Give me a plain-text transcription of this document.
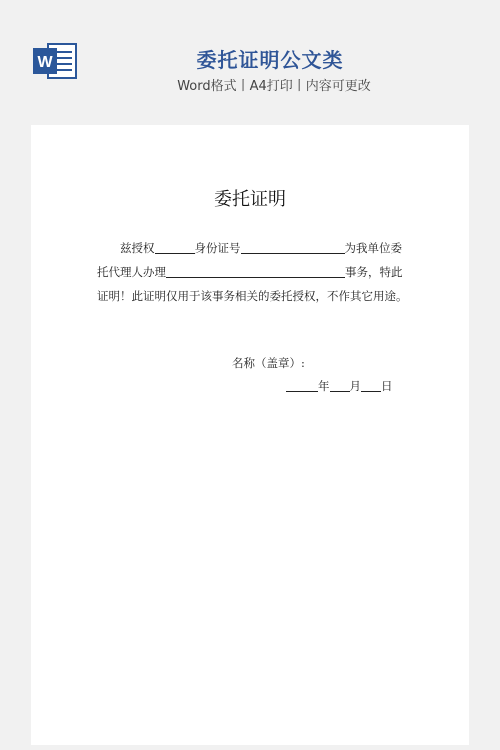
W	委托证明公文类
Word格式丨A4打印丨内容可更改
委托证明
兹授权	身份证号	为我单位委
托代理人办理	事务，特此
证明！此证明仅用于该事务相关的委托授权，不作其它用途。
名称（盖章）:
年 月 日
